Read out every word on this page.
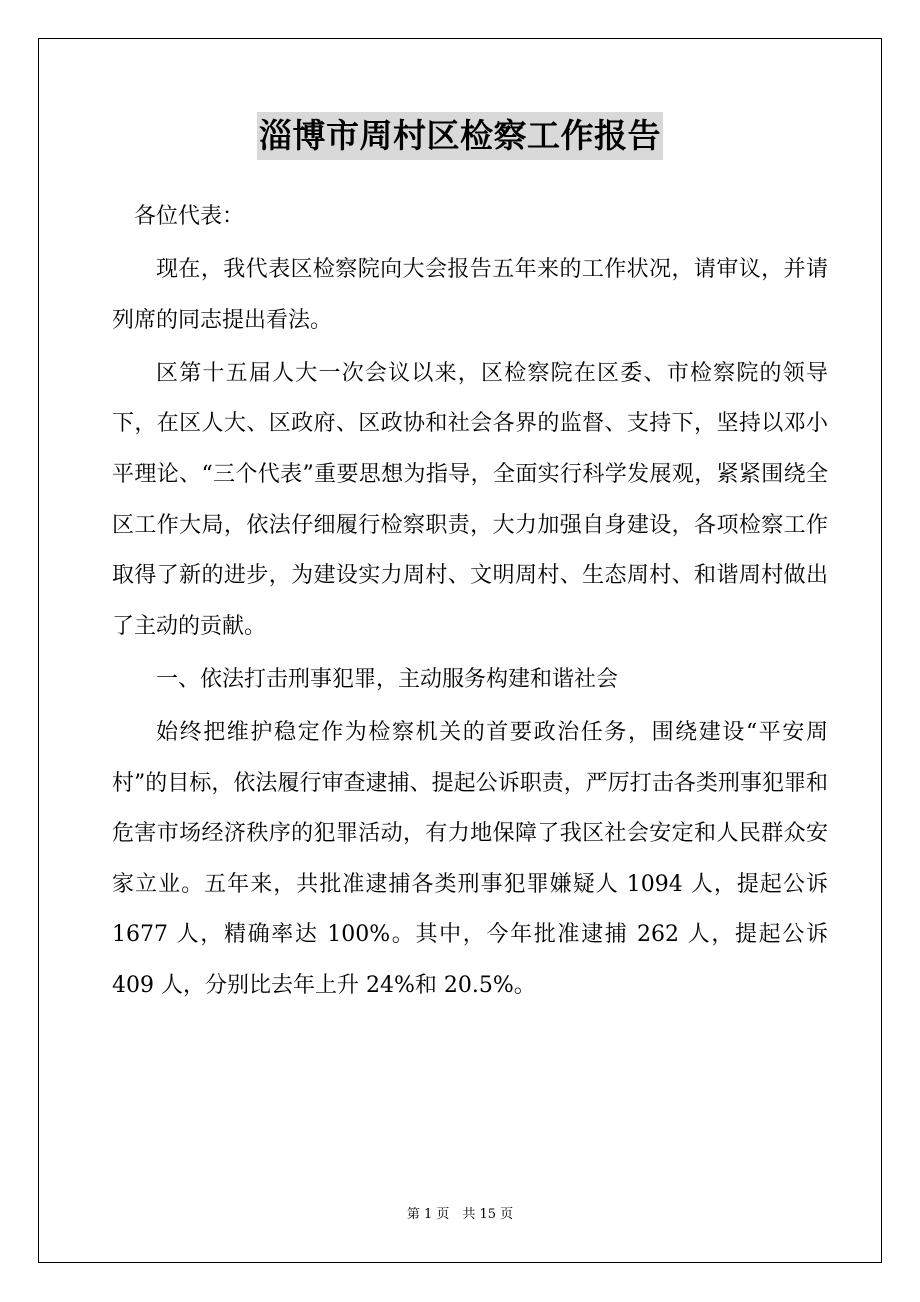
淄博市周村区检察工作报告

各位代表：

现在，我代表区检察院向大会报告五年来的工作状况，请审议，并请列席的同志提出看法。

区第十五届人大一次会议以来，区检察院在区委、市检察院的领导下，在区人大、区政府、区政协和社会各界的监督、支持下，坚持以邓小平理论、“三个代表”重要思想为指导，全面实行科学发展观，紧紧围绕全区工作大局，依法仔细履行检察职责，大力加强自身建设，各项检察工作取得了新的进步，为建设实力周村、文明周村、生态周村、和谐周村做出了主动的贡献。

一、依法打击刑事犯罪，主动服务构建和谐社会

始终把维护稳定作为检察机关的首要政治任务，围绕建设“平安周村”的目标，依法履行审查逮捕、提起公诉职责，严厉打击各类刑事犯罪和危害市场经济秩序的犯罪活动，有力地保障了我区社会安定和人民群众安家立业。五年来，共批准逮捕各类刑事犯罪嫌疑人 1094 人，提起公诉 1677 人，精确率达 100%。其中，今年批准逮捕 262 人，提起公诉 409 人，分别比去年上升 24%和 20.5%。

第 1 页　共 15 页
